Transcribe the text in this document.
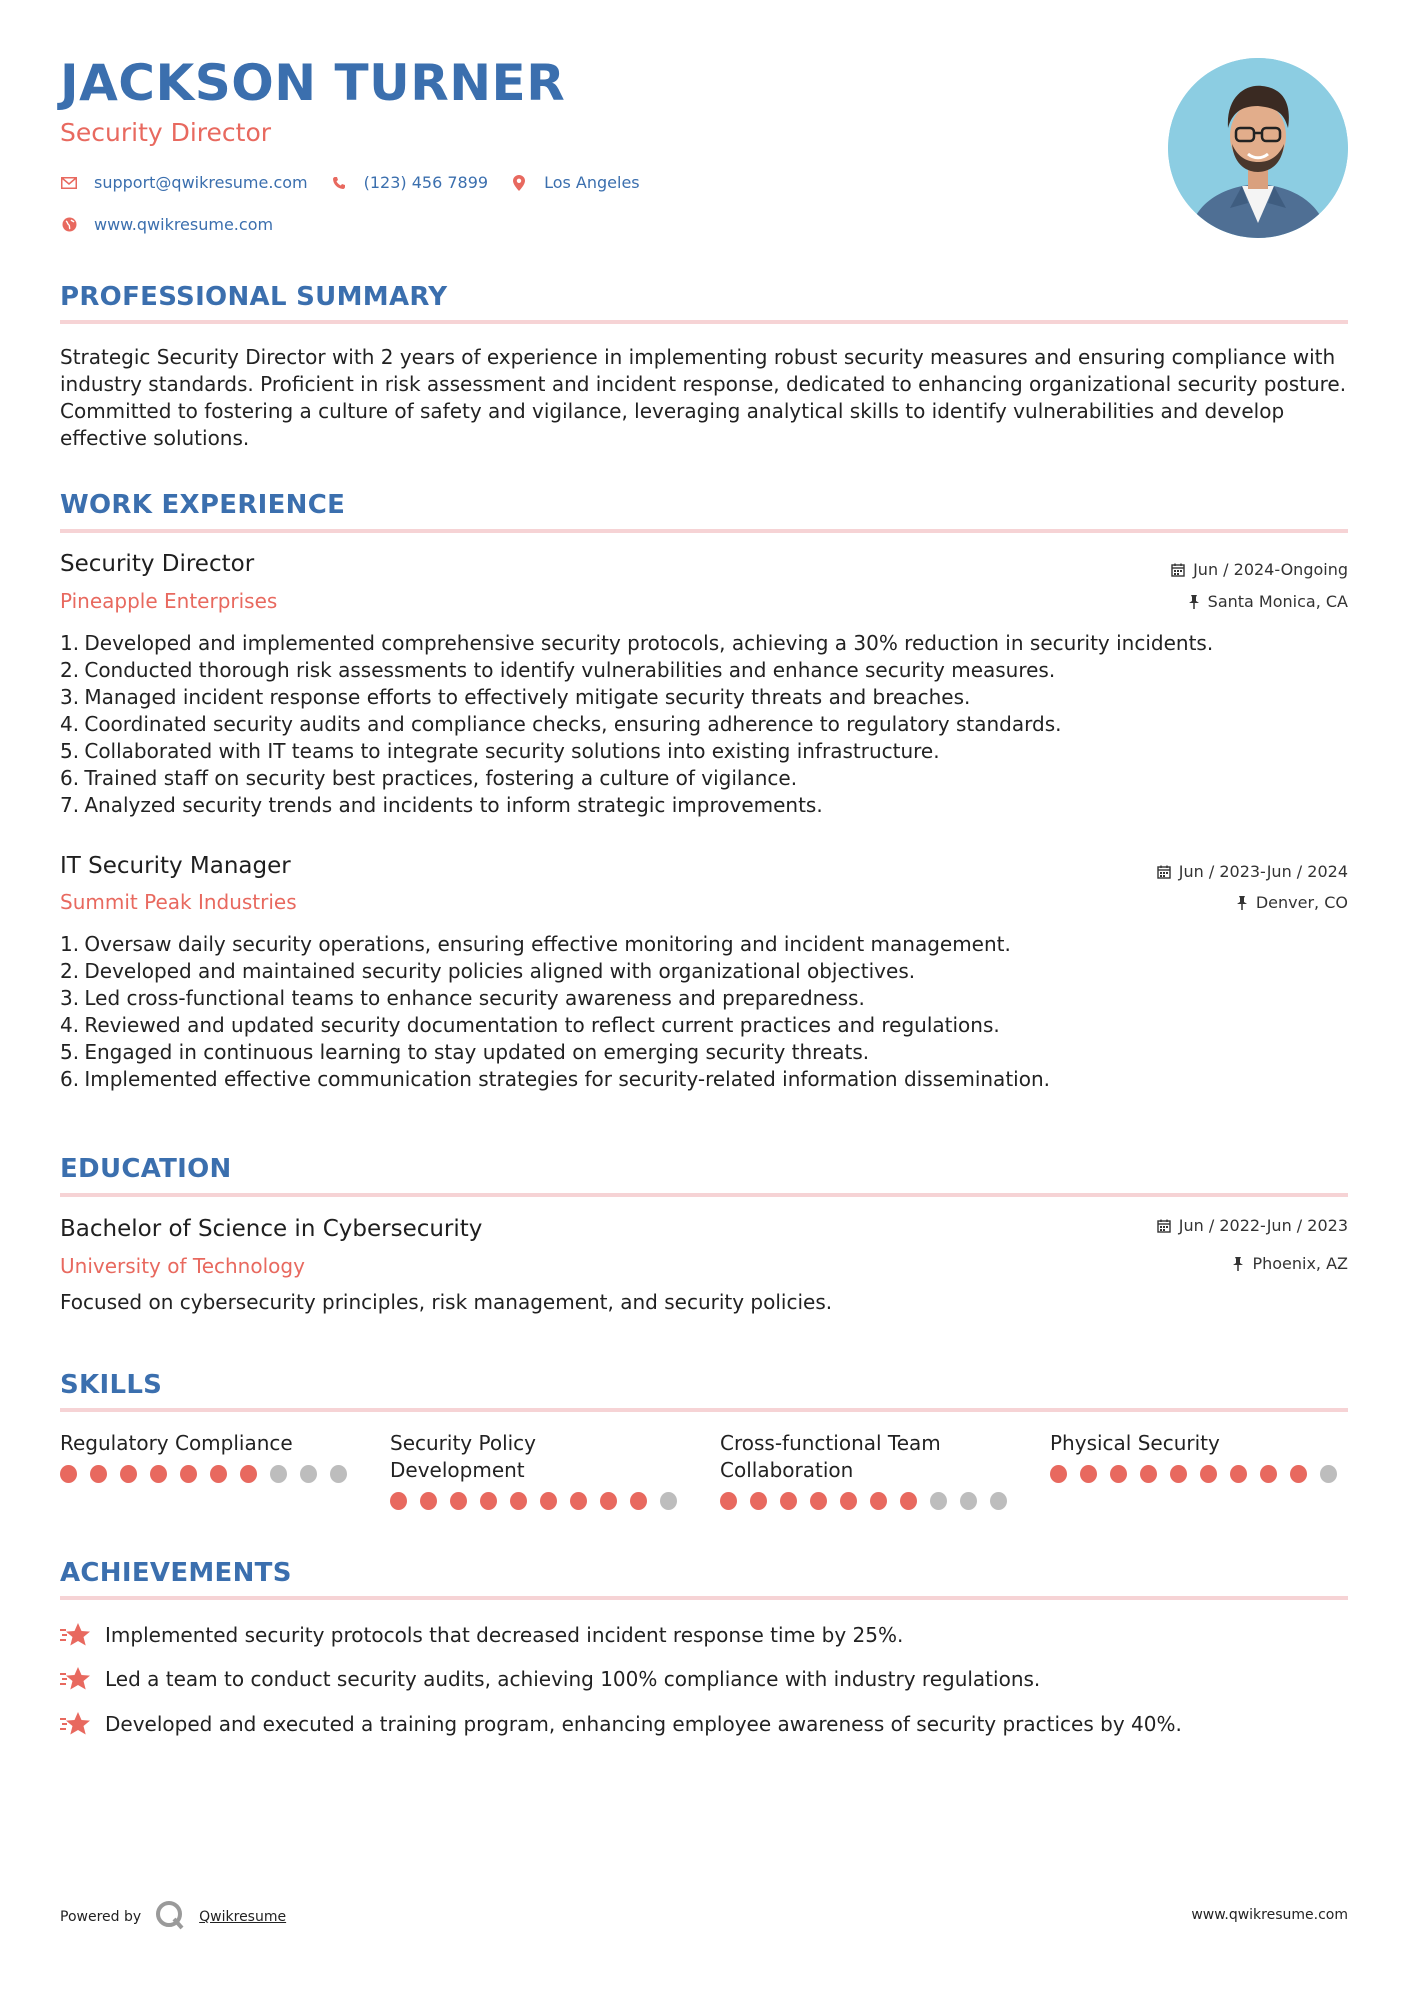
JACKSON TURNER
Security Director
support@qwikresume.com	(123) 456 7899	Los Angeles
www.qwikresume.com
PROFESSIONAL SUMMARY
Strategic Security Director with 2 years of experience in implementing robust security measures and ensuring compliance with industry standards. Proficient in risk assessment and incident response, dedicated to enhancing organizational security posture. Committed to fostering a culture of safety and vigilance, leveraging analytical skills to identify vulnerabilities and develop effective solutions.
WORK EXPERIENCE
Security Director
Pineapple Enterprises
Jun / 2024-Ongoing
Santa Monica, CA
1.
Developed and implemented comprehensive security protocols, achieving a 30% reduction in security incidents.
2.
Conducted thorough risk assessments to identify vulnerabilities and enhance security measures.
3.
Managed incident response efforts to effectively mitigate security threats and breaches.
4.
Coordinated security audits and compliance checks, ensuring adherence to regulatory standards.
5.
Collaborated with IT teams to integrate security solutions into existing infrastructure.
6.
Trained staff on security best practices, fostering a culture of vigilance.
7.
Analyzed security trends and incidents to inform strategic improvements.
IT Security Manager
Summit Peak Industries
Jun / 2023-Jun / 2024
Denver, CO
1.
Oversaw daily security operations, ensuring effective monitoring and incident management.
2.
Developed and maintained security policies aligned with organizational objectives.
3.
Led cross-functional teams to enhance security awareness and preparedness.
4.
Reviewed and updated security documentation to reflect current practices and regulations.
5.
Engaged in continuous learning to stay updated on emerging security threats.
6.
Implemented effective communication strategies for security-related information dissemination.
EDUCATION
Bachelor of Science in Cybersecurity
University of Technology
Jun / 2022-Jun / 2023
Phoenix, AZ
Focused on cybersecurity principles, risk management, and security policies.
SKILLS
Regulatory Compliance	Security Policy Development
Cross-functional Team Collaboration
Physical Security
ACHIEVEMENTS
Implemented security protocols that decreased incident response time by 25%.
Led a team to conduct security audits, achieving 100% compliance with industry regulations.
Developed and executed a training program, enhancing employee awareness of security practices by 40%.
Powered by	Qwikresume	www.qwikresume.com
